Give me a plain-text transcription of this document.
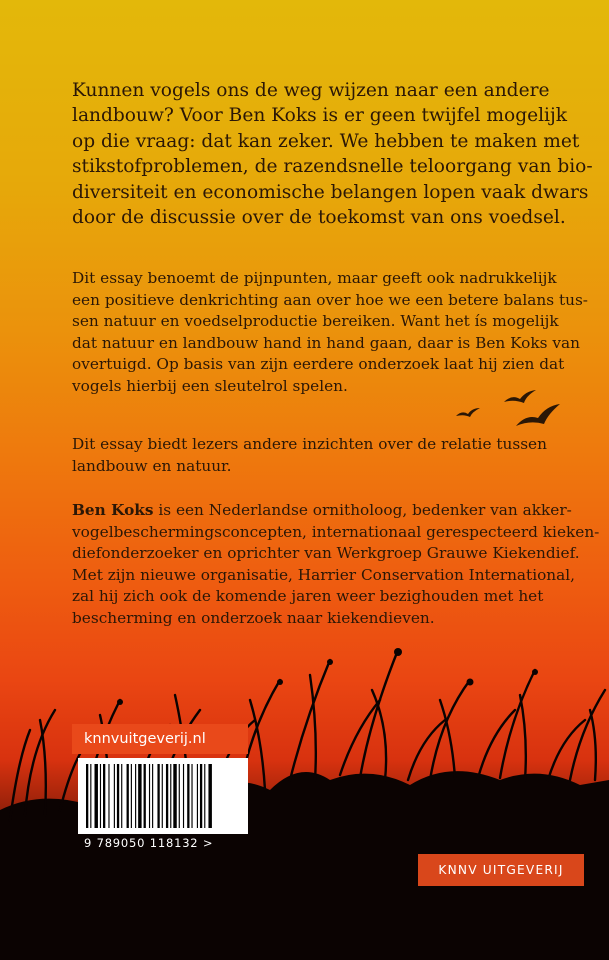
Kunnen vogels ons de weg wijzen naar een andere
landbouw? Voor Ben Koks is er geen twijfel mogelijk
op die vraag: dat kan zeker. We hebben te maken met
stikstofproblemen, de razendsnelle teloorgang van bio-
diversiteit en economische belangen lopen vaak dwars
door de discussie over de toekomst van ons voedsel.
Dit essay benoemt de pijnpunten, maar geeft ook nadrukkelijk
een positieve denkrichting aan over hoe we een betere balans tus-
sen natuur en voedselproductie bereiken. Want het ís mogelijk
dat natuur en landbouw hand in hand gaan, daar is Ben Koks van
overtuigd. Op basis van zijn eerdere onderzoek laat hij zien dat
vogels hierbij een sleutelrol spelen.
Dit essay biedt lezers andere inzichten over de relatie tussen
landbouw en natuur.
Ben Koks is een Nederlandse ornitholoog, bedenker van akker-
vogelbeschermingsconcepten, internationaal gerespecteerd kieken-
diefonderzoeker en oprichter van Werkgroep Grauwe Kiekendief.
Met zijn nieuwe organisatie, Harrier Conservation International,
zal hij zich ook de komende jaren weer bezighouden met het
bescherming en onderzoek naar kiekendieven.
knnvuitgeverij.nl
9 789050 118132 >
KNNV UITGEVERIJ
